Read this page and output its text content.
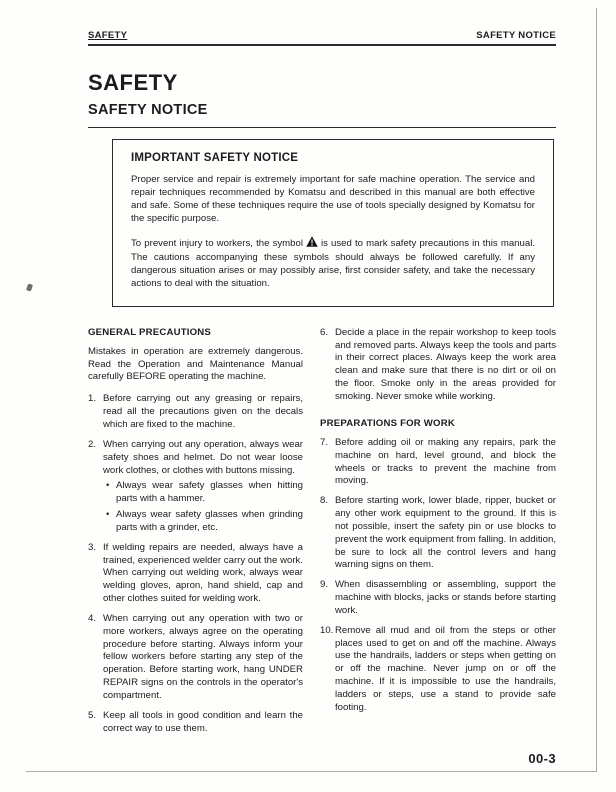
SAFETY	SAFETY NOTICE
SAFETY
SAFETY NOTICE
IMPORTANT SAFETY NOTICE
Proper service and repair is extremely important for safe machine operation. The service and repair techniques recommended by Komatsu and described in this manual are both effective and safe. Some of these techniques require the use of tools specially designed by Komatsu for the specific purpose.
To prevent injury to workers, the symbol is used to mark safety precautions in this manual. The cautions accompanying these symbols should always be followed carefully. If any dangerous situation arises or may possibly arise, first consider safety, and take the necessary actions to deal with the situation.
GENERAL PRECAUTIONS
Mistakes in operation are extremely dangerous. Read the Operation and Maintenance Manual carefully BEFORE operating the machine.
1. Before carrying out any greasing or repairs, read all the precautions given on the decals which are fixed to the machine.
2. When carrying out any operation, always wear safety shoes and helmet. Do not wear loose work clothes, or clothes with buttons missing.
• Always wear safety glasses when hitting parts with a hammer.
• Always wear safety glasses when grinding parts with a grinder, etc.
3. If welding repairs are needed, always have a trained, experienced welder carry out the work. When carrying out welding work, always wear welding gloves, apron, hand shield, cap and other clothes suited for welding work.
4. When carrying out any operation with two or more workers, always agree on the operating procedure before starting. Always inform your fellow workers before starting any step of the operation. Before starting work, hang UNDER REPAIR signs on the controls in the operator's compartment.
5. Keep all tools in good condition and learn the correct way to use them.
6. Decide a place in the repair workshop to keep tools and removed parts. Always keep the tools and parts in their correct places. Always keep the work area clean and make sure that there is no dirt or oil on the floor. Smoke only in the areas provided for smoking. Never smoke while working.
PREPARATIONS FOR WORK
7. Before adding oil or making any repairs, park the machine on hard, level ground, and block the wheels or tracks to prevent the machine from moving.
8. Before starting work, lower blade, ripper, bucket or any other work equipment to the ground. If this is not possible, insert the safety pin or use blocks to prevent the work equipment from falling. In addition, be sure to lock all the control levers and hang warning signs on them.
9. When disassembling or assembling, support the machine with blocks, jacks or stands before starting work.
10. Remove all mud and oil from the steps or other places used to get on and off the machine. Always use the handrails, ladders or steps when getting on or off the machine. Never jump on or off the machine. If it is impossible to use the handrails, ladders or steps, use a stand to provide safe footing.
00-3
